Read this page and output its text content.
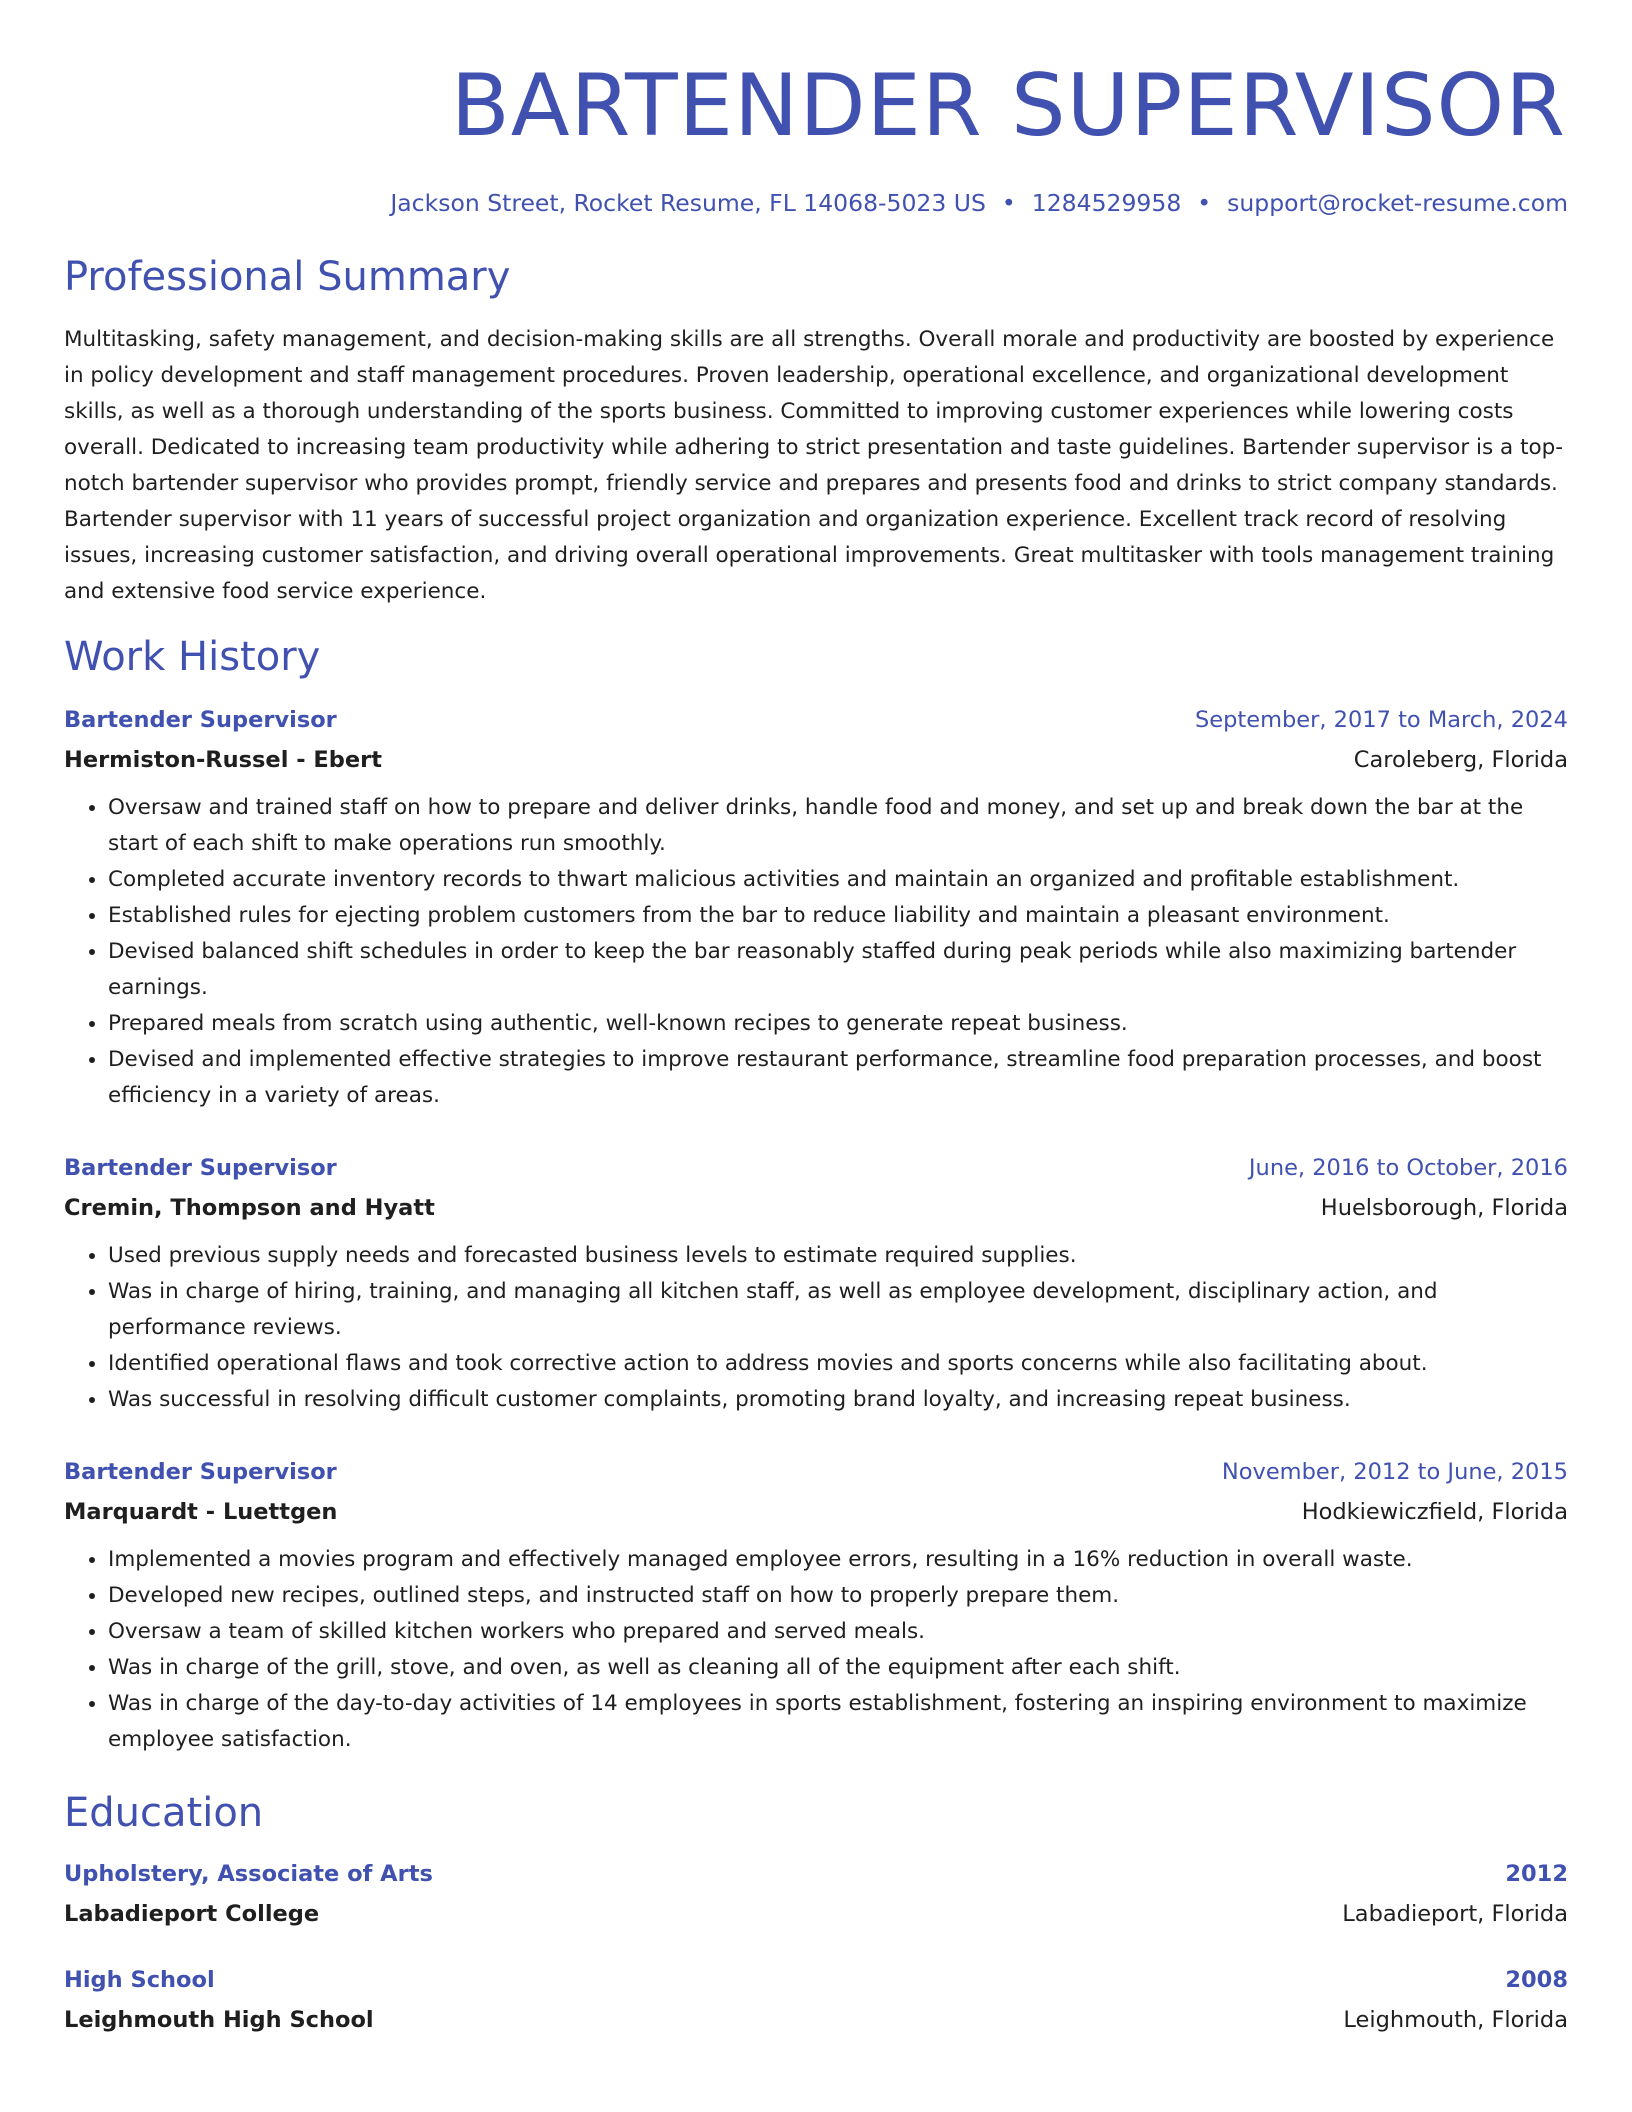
BARTENDER SUPERVISOR
Jackson Street, Rocket Resume, FL 14068-5023 US • 1284529958 • support@rocket-resume.com
Professional Summary
Multitasking, safety management, and decision-making skills are all strengths. Overall morale and productivity are boosted by experience in policy development and staff management procedures. Proven leadership, operational excellence, and organizational development skills, as well as a thorough understanding of the sports business. Committed to improving customer experiences while lowering costs overall. Dedicated to increasing team productivity while adhering to strict presentation and taste guidelines. Bartender supervisor is a top-notch bartender supervisor who provides prompt, friendly service and prepares and presents food and drinks to strict company standards. Bartender supervisor with 11 years of successful project organization and organization experience. Excellent track record of resolving issues, increasing customer satisfaction, and driving overall operational improvements. Great multitasker with tools management training and extensive food service experience.
Work History
Bartender Supervisor	September, 2017 to March, 2024
Hermiston-Russel - Ebert	Caroleberg, Florida
• Oversaw and trained staff on how to prepare and deliver drinks, handle food and money, and set up and break down the bar at the start of each shift to make operations run smoothly.
• Completed accurate inventory records to thwart malicious activities and maintain an organized and profitable establishment.
• Established rules for ejecting problem customers from the bar to reduce liability and maintain a pleasant environment.
• Devised balanced shift schedules in order to keep the bar reasonably staffed during peak periods while also maximizing bartender earnings.
• Prepared meals from scratch using authentic, well-known recipes to generate repeat business.
• Devised and implemented effective strategies to improve restaurant performance, streamline food preparation processes, and boost efficiency in a variety of areas.
Bartender Supervisor	June, 2016 to October, 2016
Cremin, Thompson and Hyatt	Huelsborough, Florida
• Used previous supply needs and forecasted business levels to estimate required supplies.
• Was in charge of hiring, training, and managing all kitchen staff, as well as employee development, disciplinary action, and performance reviews.
• Identified operational flaws and took corrective action to address movies and sports concerns while also facilitating about.
• Was successful in resolving difficult customer complaints, promoting brand loyalty, and increasing repeat business.
Bartender Supervisor	November, 2012 to June, 2015
Marquardt - Luettgen	Hodkiewiczfield, Florida
• Implemented a movies program and effectively managed employee errors, resulting in a 16% reduction in overall waste.
• Developed new recipes, outlined steps, and instructed staff on how to properly prepare them.
• Oversaw a team of skilled kitchen workers who prepared and served meals.
• Was in charge of the grill, stove, and oven, as well as cleaning all of the equipment after each shift.
• Was in charge of the day-to-day activities of 14 employees in sports establishment, fostering an inspiring environment to maximize employee satisfaction.
Education
Upholstery, Associate of Arts	2012
Labadieport College	Labadieport, Florida
High School	2008
Leighmouth High School	Leighmouth, Florida
